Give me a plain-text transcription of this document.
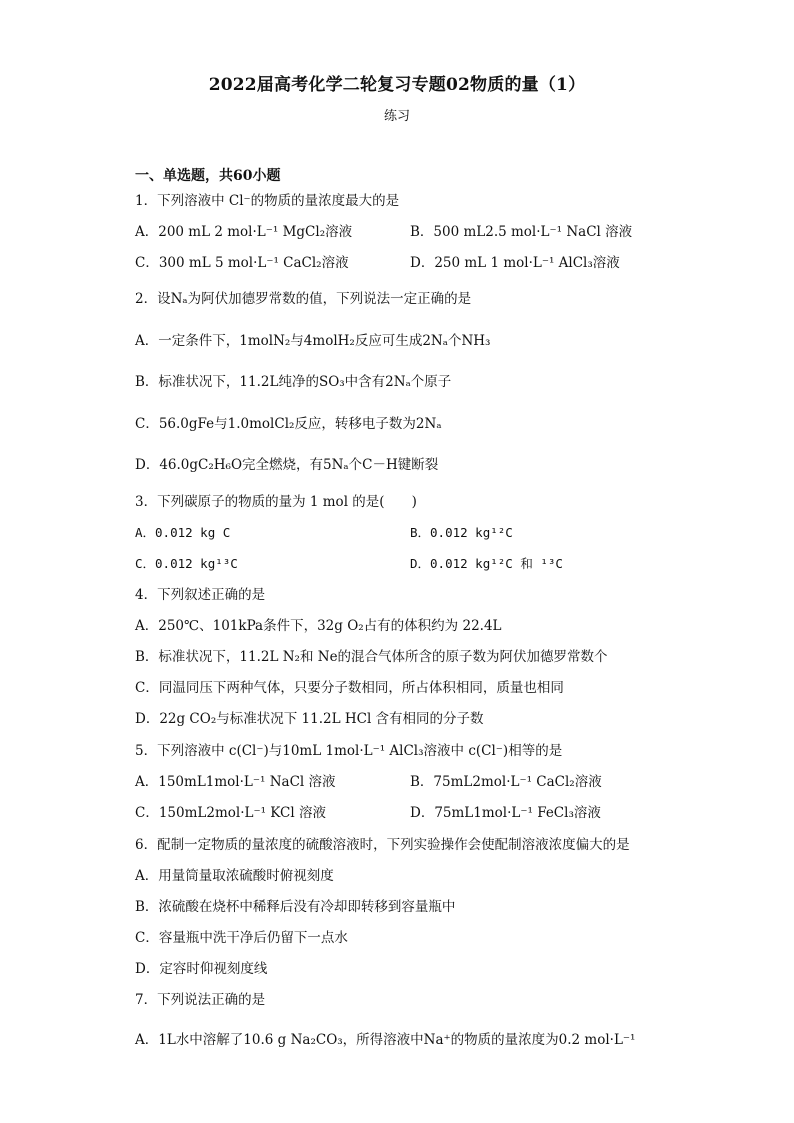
2022届高考化学二轮复习专题02物质的量（1）
练习
一、单选题，共60小题
1．下列溶液中 Cl⁻的物质的量浓度最大的是
A．200 mL 2 mol·L⁻¹ MgCl₂溶液	B．500 mL2.5 mol·L⁻¹ NaCl 溶液
C．300 mL 5 mol·L⁻¹ CaCl₂溶液	D．250 mL 1 mol·L⁻¹ AlCl₃溶液
2．设Nₐ为阿伏加德罗常数的值，下列说法一定正确的是
A．一定条件下，1molN₂与4molH₂反应可生成2Nₐ个NH₃
B．标准状况下，11.2L纯净的SO₃中含有2Nₐ个原子
C．56.0gFe与1.0molCl₂反应，转移电子数为2Nₐ
D．46.0gC₂H₆O完全燃烧，有5Nₐ个C－H键断裂
3．下列碳原子的物质的量为 1 mol 的是(　　)
A．0.012 kg C	B．0.012 kg¹²C
C．0.012 kg¹³C	D．0.012 kg¹²C 和 ¹³C
4．下列叙述正确的是
A．250℃、101kPa条件下，32g O₂占有的体积约为 22.4L
B．标准状况下，11.2L N₂和 Ne的混合气体所含的原子数为阿伏加德罗常数个
C．同温同压下两种气体，只要分子数相同，所占体积相同，质量也相同
D．22g CO₂与标准状况下 11.2L HCl 含有相同的分子数
5．下列溶液中 c(Cl⁻)与10mL 1mol·L⁻¹ AlCl₃溶液中 c(Cl⁻)相等的是
A．150mL1mol·L⁻¹ NaCl 溶液	B．75mL2mol·L⁻¹ CaCl₂溶液
C．150mL2mol·L⁻¹ KCl 溶液	D．75mL1mol·L⁻¹ FeCl₃溶液
6．配制一定物质的量浓度的硫酸溶液时，下列实验操作会使配制溶液浓度偏大的是
A．用量筒量取浓硫酸时俯视刻度
B．浓硫酸在烧杯中稀释后没有冷却即转移到容量瓶中
C．容量瓶中洗干净后仍留下一点水
D．定容时仰视刻度线
7．下列说法正确的是
A．1L水中溶解了10.6 g Na₂CO₃，所得溶液中Na⁺的物质的量浓度为0.2 mol·L⁻¹
